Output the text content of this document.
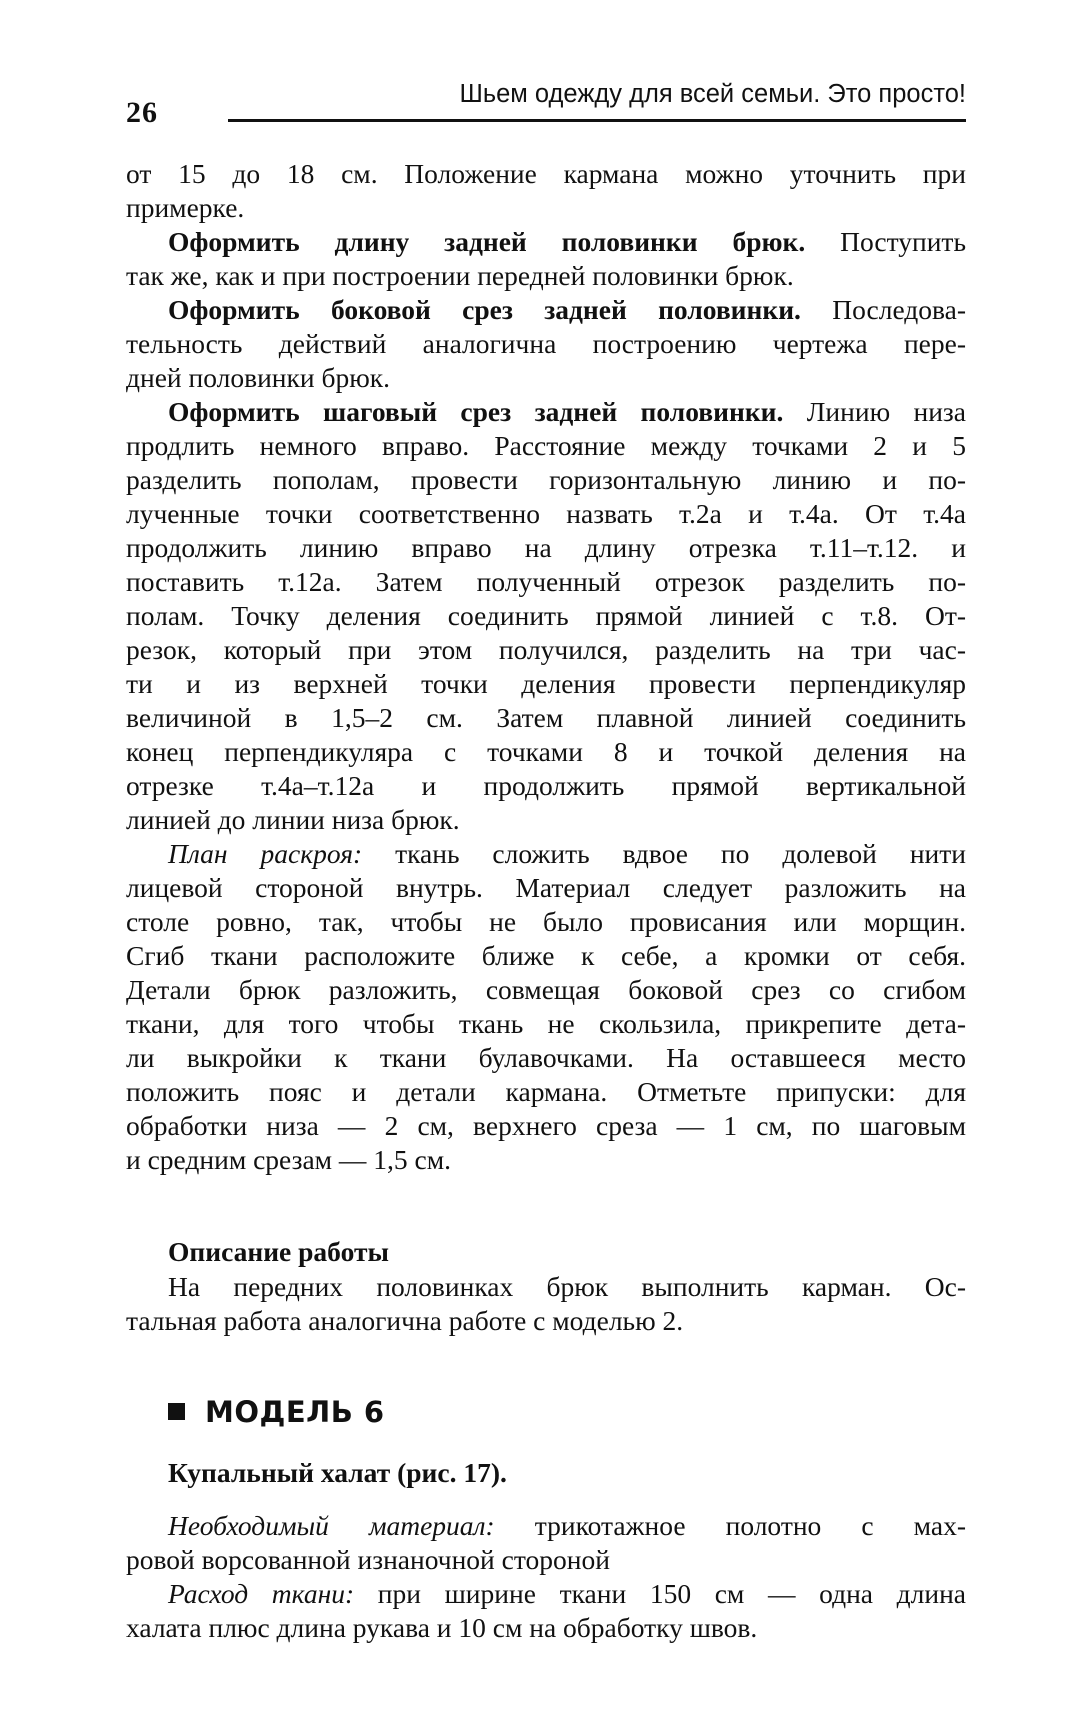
26
Шьем одежду для всей семьи. Это просто!
от 15 до 18 см. Положение кармана можно уточнить при
примерке.
Оформить длину задней половинки брюк. Поступить
так же, как и при построении передней половинки брюк.
Оформить боковой срез задней половинки. Последова-
тельность действий аналогична построению чертежа пере-
дней половинки брюк.
Оформить шаговый срез задней половинки. Линию низа
продлить немного вправо. Расстояние между точками 2 и 5
разделить пополам, провести горизонтальную линию и по-
лученные точки соответственно назвать т.2а и т.4а. От т.4а
продолжить линию вправо на длину отрезка т.11–т.12. и
поставить т.12а. Затем полученный отрезок разделить по-
полам. Точку деления соединить прямой линией с т.8. От-
резок, который при этом получился, разделить на три час-
ти и из верхней точки деления провести перпендикуляр
величиной в 1,5–2 см. Затем плавной линией соединить
конец перпендикуляра с точками 8 и точкой деления на
отрезке т.4а–т.12а и продолжить прямой вертикальной
линией до линии низа брюк.
План раскроя: ткань сложить вдвое по долевой нити
лицевой стороной внутрь. Материал следует разложить на
столе ровно, так, чтобы не было провисания или морщин.
Сгиб ткани расположите ближе к себе, а кромки от себя.
Детали брюк разложить, совмещая боковой срез со сгибом
ткани, для того чтобы ткань не скользила, прикрепите дета-
ли выкройки к ткани булавочками. На оставшееся место
положить пояс и детали кармана. Отметьте припуски: для
обработки низа — 2 см, верхнего среза — 1 см, по шаговым
и средним срезам — 1,5 см.
Описание работы
На передних половинках брюк выполнить карман. Ос-
тальная работа аналогична работе с моделью 2.
МОДЕЛЬ 6
Купальный халат (рис. 17).
Необходимый материал: трикотажное полотно с мах-
ровой ворсованной изнаночной стороной
Расход ткани: при ширине ткани 150 см — одна длина
халата плюс длина рукава и 10 см на обработку швов.
